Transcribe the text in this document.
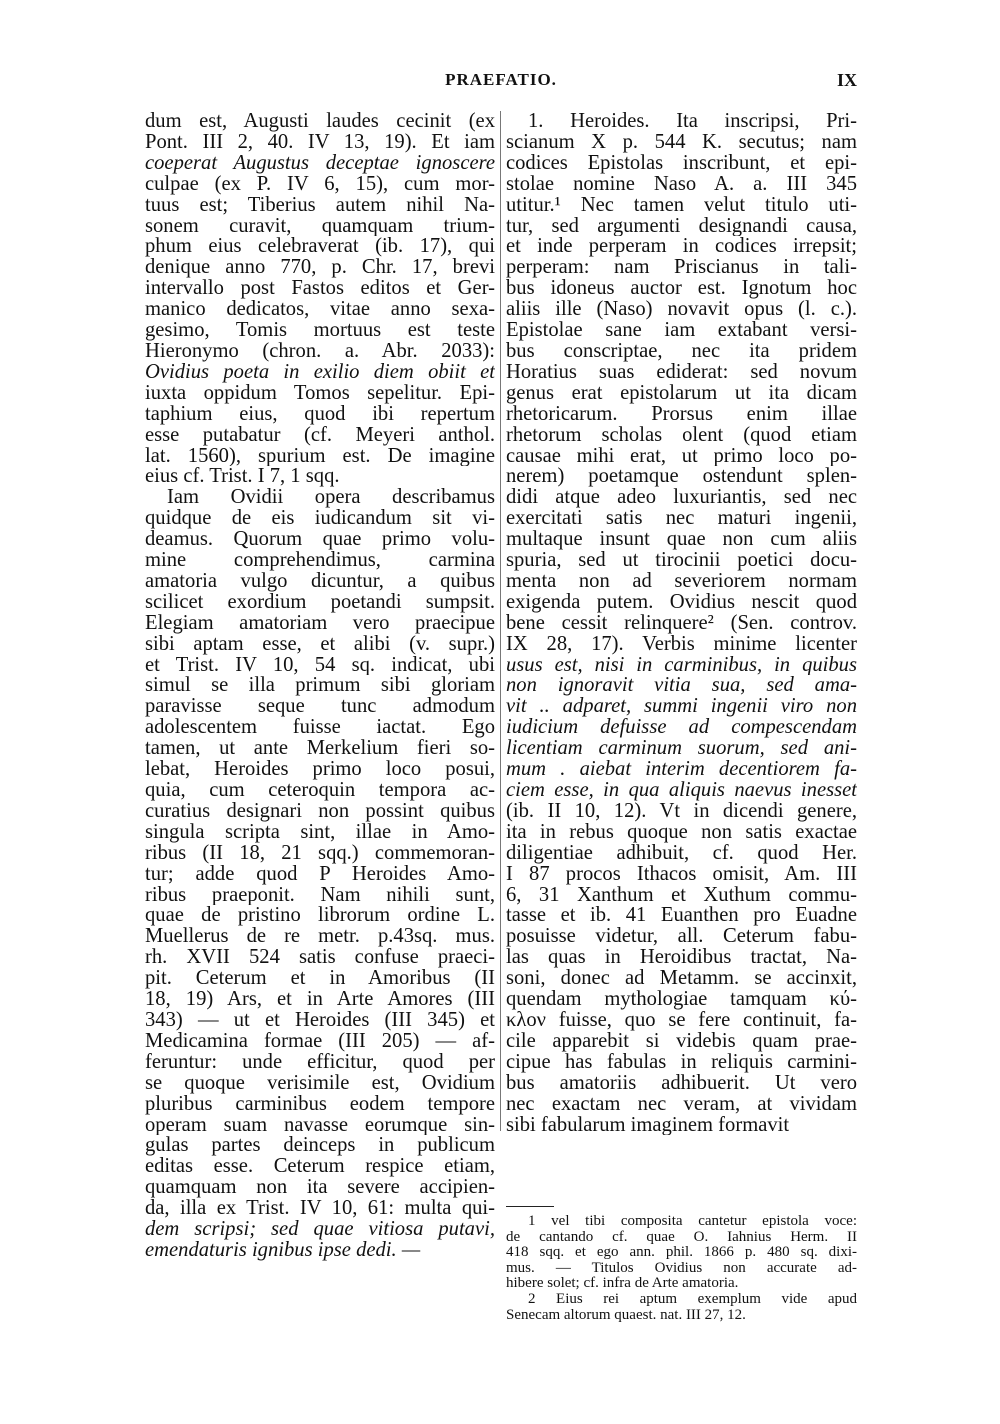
PRAEFATIO.	IX
dum est, Augusti laudes cecinit (ex
Pont. III 2, 40. IV 13, 19). Et iam
coeperat Augustus deceptae ignoscere
culpae (ex P. IV 6, 15), cum mor-
tuus est; Tiberius autem nihil Na-
sonem curavit, quamquam trium-
phum eius celebraverat (ib. 17), qui
denique anno 770, p. Chr. 17, brevi
intervallo post Fastos editos et Ger-
manico dedicatos, vitae anno sexa-
gesimo, Tomis mortuus est teste
Hieronymo (chron. a. Abr. 2033):
Ovidius poeta in exilio diem obiit et
iuxta oppidum Tomos sepelitur. Epi-
taphium eius, quod ibi repertum
esse putabatur (cf. Meyeri anthol.
lat. 1560), spurium est. De imagine
eius cf. Trist. I 7, 1 sqq.
Iam Ovidii opera describamus
quidque de eis iudicandum sit vi-
deamus. Quorum quae primo volu-
mine comprehendimus, carmina
amatoria vulgo dicuntur, a quibus
scilicet exordium poetandi sumpsit.
Elegiam amatoriam vero praecipue
sibi aptam esse, et alibi (v. supr.)
et Trist. IV 10, 54 sq. indicat, ubi
simul se illa primum sibi gloriam
paravisse seque tunc admodum
adolescentem fuisse iactat. Ego
tamen, ut ante Merkelium fieri so-
lebat, Heroides primo loco posui,
quia, cum ceteroquin tempora ac-
curatius designari non possint quibus
singula scripta sint, illae in Amo-
ribus (II 18, 21 sqq.) commemoran-
tur; adde quod P Heroides Amo-
ribus praeponit. Nam nihili sunt,
quae de pristino librorum ordine L.
Muellerus de re metr. p.43sq. mus.
rh. XVII 524 satis confuse praeci-
pit. Ceterum et in Amoribus (II
18, 19) Ars, et in Arte Amores (III
343) — ut et Heroides (III 345) et
Medicamina formae (III 205) — af-
feruntur: unde efficitur, quod per
se quoque verisimile est, Ovidium
pluribus carminibus eodem tempore
operam suam navasse eorumque sin-
gulas partes deinceps in publicum
editas esse. Ceterum respice etiam,
quamquam non ita severe accipien-
da, illa ex Trist. IV 10, 61: multa qui-
dem scripsi; sed quae vitiosa putavi,
emendaturis ignibus ipse dedi. —
1. Heroides. Ita inscripsi, Pri-
scianum X p. 544 K. secutus; nam
codices Epistolas inscribunt, et epi-
stolae nomine Naso A. a. III 345
utitur.¹ Nec tamen velut titulo uti-
tur, sed argumenti designandi causa,
et inde perperam in codices irrepsit;
perperam: nam Priscianus in tali-
bus idoneus auctor est. Ignotum hoc
aliis ille (Naso) novavit opus (l. c.).
Epistolae sane iam extabant versi-
bus conscriptae, nec ita pridem
Horatius suas ediderat: sed novum
genus erat epistolarum ut ita dicam
rhetoricarum. Prorsus enim illae
rhetorum scholas olent (quod etiam
causae mihi erat, ut primo loco po-
nerem) poetamque ostendunt splen-
didi atque adeo luxuriantis, sed nec
exercitati satis nec maturi ingenii,
multaque insunt quae non cum aliis
spuria, sed ut tirocinii poetici docu-
menta non ad severiorem normam
exigenda putem. Ovidius nescit quod
bene cessit relinquere² (Sen. controv.
IX 28, 17). Verbis minime licenter
usus est, nisi in carminibus, in quibus
non ignoravit vitia sua, sed ama-
vit .. adparet, summi ingenii viro non
iudicium defuisse ad compescendam
licentiam carminum suorum, sed ani-
mum . aiebat interim decentiorem fa-
ciem esse, in qua aliquis naevus inesset
(ib. II 10, 12). Vt in dicendi genere,
ita in rebus quoque non satis exactae
diligentiae adhibuit, cf. quod Her.
I 87 procos Ithacos omisit, Am. III
6, 31 Xanthum et Xuthum commu-
tasse et ib. 41 Euanthen pro Euadne
posuisse videtur, all. Ceterum fabu-
las quas in Heroidibus tractat, Na-
soni, donec ad Metamm. se accinxit,
quendam mythologiae tamquam κύ-
κλον fuisse, quo se fere continuit, fa-
cile apparebit si videbis quam prae-
cipue has fabulas in reliquis carmini-
bus amatoriis adhibuerit. Ut vero
nec exactam nec veram, at vividam
sibi fabularum imaginem formavit
1 vel tibi composita cantetur epistola voce:
de cantando cf. quae O. Iahnius Herm. II
418 sqq. et ego ann. phil. 1866 p. 480 sq. dixi-
mus. — Titulos Ovidius non accurate ad-
hibere solet; cf. infra de Arte amatoria.
2 Eius rei aptum exemplum vide apud
Senecam altorum quaest. nat. III 27, 12.
